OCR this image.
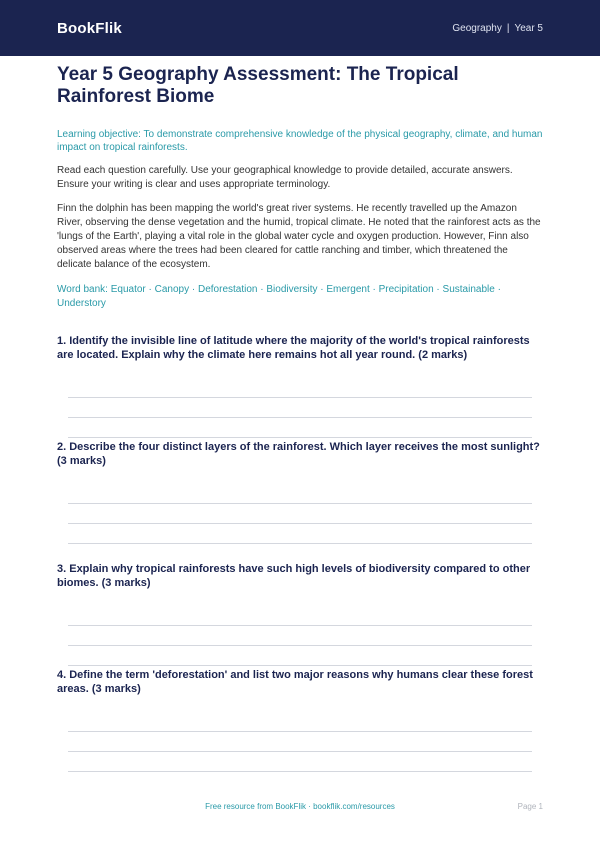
BookFlik	Geography | Year 5
Year 5 Geography Assessment: The Tropical Rainforest Biome

Learning objective: To demonstrate comprehensive knowledge of the physical geography, climate, and human impact on tropical rainforests.

Read each question carefully. Use your geographical knowledge to provide detailed, accurate answers. Ensure your writing is clear and uses appropriate terminology.

Finn the dolphin has been mapping the world's great river systems. He recently travelled up the Amazon River, observing the dense vegetation and the humid, tropical climate. He noted that the rainforest acts as the 'lungs of the Earth', playing a vital role in the global water cycle and oxygen production. However, Finn also observed areas where the trees had been cleared for cattle ranching and timber, which threatened the delicate balance of the ecosystem.

Word bank: Equator · Canopy · Deforestation · Biodiversity · Emergent · Precipitation · Sustainable · Understory

1. Identify the invisible line of latitude where the majority of the world's tropical rainforests are located. Explain why the climate here remains hot all year round. (2 marks)

2. Describe the four distinct layers of the rainforest. Which layer receives the most sunlight? (3 marks)

3. Explain why tropical rainforests have such high levels of biodiversity compared to other biomes. (3 marks)

4. Define the term 'deforestation' and list two major reasons why humans clear these forest areas. (3 marks)

Free resource from BookFlik · bookflik.com/resources	Page 1
